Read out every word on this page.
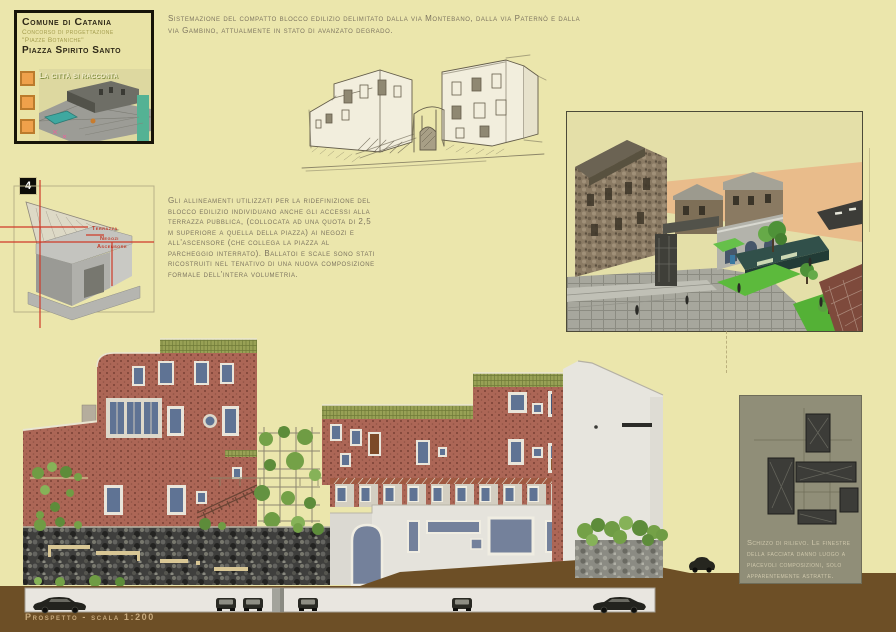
Comune di Catania
Concorso di progettazione
"Piazze Botaniche"
Piazza Spirito Santo
La città si racconta
4
Sistemazione del compatto blocco edilizio delimitato dalla via Montebano, dalla via Paternò e dalla via Gambino, attualmente in stato di avanzato degrado.
Terrazza
Negozi
Ascensore
Gli allineamenti utilizzati per la ridefinizione del blocco edilizio individuano anche gli accessi alla terrazza pubblica, (collocata ad una quota di 2,5 m superiore a quella della piazza) ai negozi e all'ascensore (che collega la piazza al parcheggio interrato). Ballatoi e scale sono stati ricostruiti nel tenativo di una nuova composizione formale dell'intera volumetria.
Schizzo di rilievo. Le finestre della facciata danno luogo a piacevoli composizioni, solo apparentemente astratte.
Prospetto - scala 1:200
